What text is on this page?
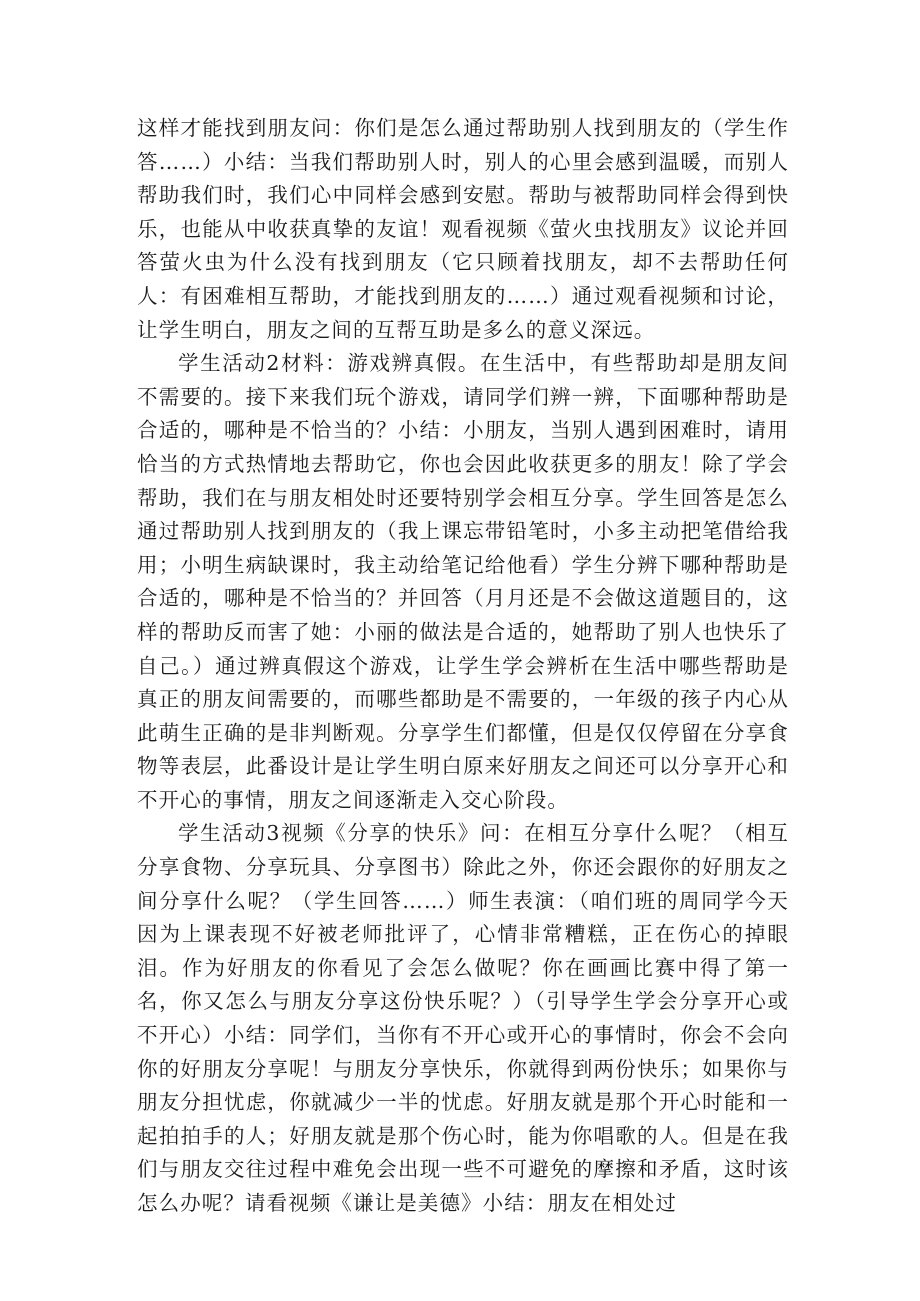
这样才能找到朋友问：你们是怎么通过帮助别人找到朋友的（学生作答……）小结：当我们帮助别人时，别人的心里会感到温暖，而别人帮助我们时，我们心中同样会感到安慰。帮助与被帮助同样会得到快乐，也能从中收获真挚的友谊！观看视频《萤火虫找朋友》议论并回答萤火虫为什么没有找到朋友（它只顾着找朋友，却不去帮助任何人：有困难相互帮助，才能找到朋友的……）通过观看视频和讨论，让学生明白，朋友之间的互帮互助是多么的意义深远。

学生活动2材料：游戏辨真假。在生活中，有些帮助却是朋友间不需要的。接下来我们玩个游戏，请同学们辨一辨，下面哪种帮助是合适的，哪种是不恰当的？小结：小朋友，当别人遇到困难时，请用恰当的方式热情地去帮助它，你也会因此收获更多的朋友！除了学会帮助，我们在与朋友相处时还要特别学会相互分享。学生回答是怎么通过帮助别人找到朋友的（我上课忘带铅笔时，小多主动把笔借给我用；小明生病缺课时，我主动给笔记给他看）学生分辨下哪种帮助是合适的，哪种是不恰当的？并回答（月月还是不会做这道题目的，这样的帮助反而害了她：小丽的做法是合适的，她帮助了别人也快乐了自己。）通过辨真假这个游戏，让学生学会辨析在生活中哪些帮助是真正的朋友间需要的，而哪些都助是不需要的，一年级的孩子内心从此萌生正确的是非判断观。分享学生们都懂，但是仅仅停留在分享食物等表层，此番设计是让学生明白原来好朋友之间还可以分享开心和不开心的事情，朋友之间逐渐走入交心阶段。

学生活动3视频《分享的快乐》问：在相互分享什么呢？（相互分享食物、分享玩具、分享图书）除此之外，你还会跟你的好朋友之间分享什么呢？（学生回答……）师生表演：（咱们班的周同学今天因为上课表现不好被老师批评了，心情非常糟糕，正在伤心的掉眼泪。作为好朋友的你看见了会怎么做呢？你在画画比赛中得了第一名，你又怎么与朋友分享这份快乐呢？）（引导学生学会分享开心或不开心）小结：同学们，当你有不开心或开心的事情时，你会不会向你的好朋友分享呢！与朋友分享快乐，你就得到两份快乐；如果你与朋友分担忧虑，你就减少一半的忧虑。好朋友就是那个开心时能和一起拍拍手的人；好朋友就是那个伤心时，能为你唱歌的人。但是在我们与朋友交往过程中难免会出现一些不可避免的摩擦和矛盾，这时该怎么办呢？请看视频《谦让是美德》小结：朋友在相处过
